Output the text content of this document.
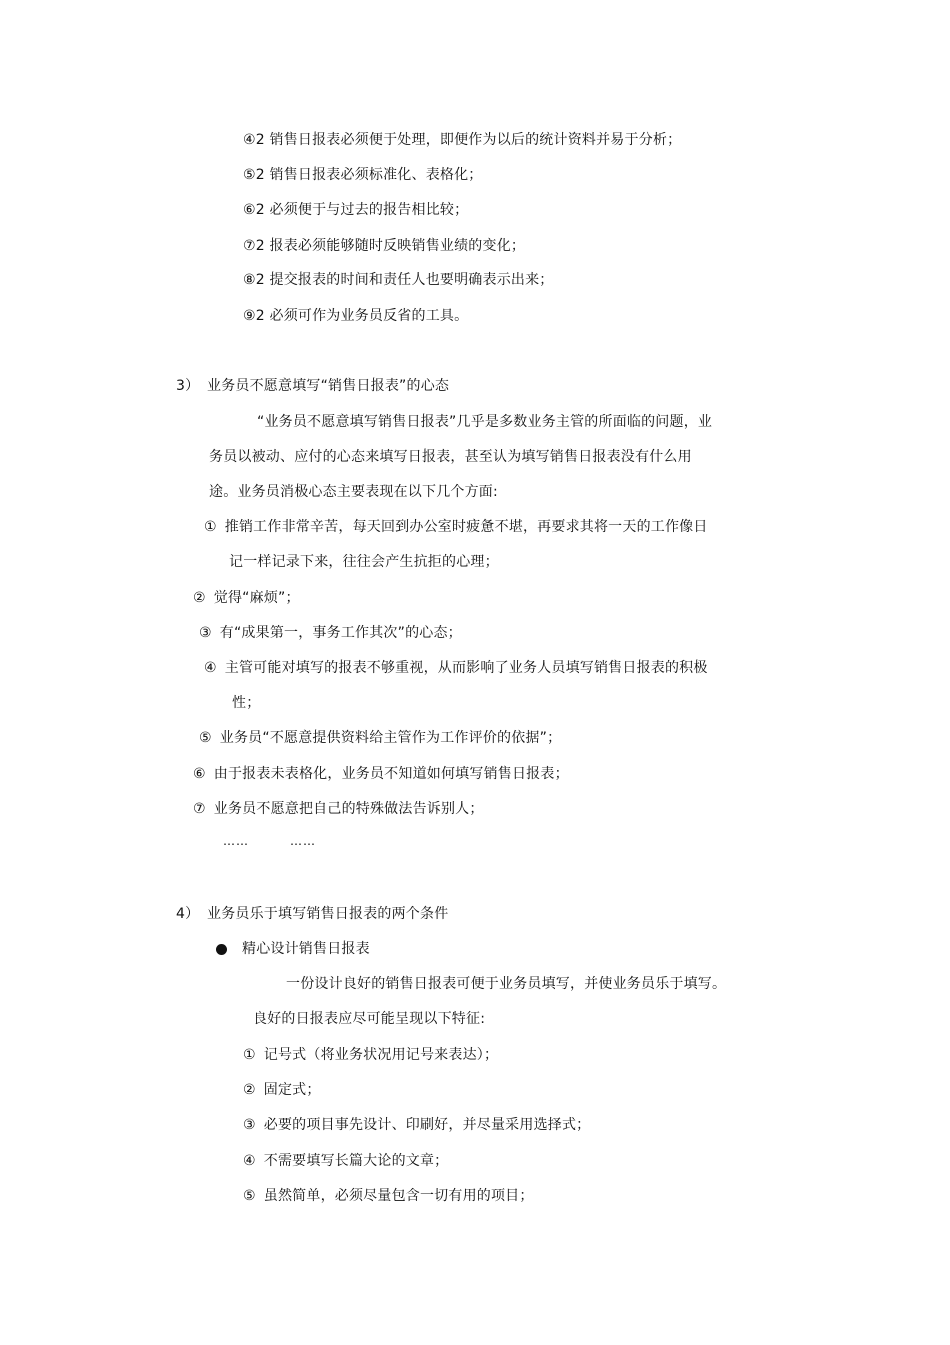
④2 销售日报表必须便于处理，即便作为以后的统计资料并易于分析；
⑤2 销售日报表必须标准化、表格化；
⑥2 必须便于与过去的报告相比较；
⑦2 报表必须能够随时反映销售业绩的变化；
⑧2 提交报表的时间和责任人也要明确表示出来；
⑨2 必须可作为业务员反省的工具。
3） 业务员不愿意填写“销售日报表”的心态
“业务员不愿意填写销售日报表”几乎是多数业务主管的所面临的问题，业
务员以被动、应付的心态来填写日报表，甚至认为填写销售日报表没有什么用
途。业务员消极心态主要表现在以下几个方面:
① 推销工作非常辛苦，每天回到办公室时疲惫不堪，再要求其将一天的工作像日
记一样记录下来，往往会产生抗拒的心理；
② 觉得“麻烦”；
③ 有“成果第一，事务工作其次”的心态；
④ 主管可能对填写的报表不够重视，从而影响了业务人员填写销售日报表的积极
性；
⑤ 业务员“不愿意提供资料给主管作为工作评价的依据”；
⑥ 由于报表未表格化，业务员不知道如何填写销售日报表；
⑦ 业务员不愿意把自己的特殊做法告诉别人；
……	……
4） 业务员乐于填写销售日报表的两个条件
精心设计销售日报表
一份设计良好的销售日报表可便于业务员填写，并使业务员乐于填写。
良好的日报表应尽可能呈现以下特征:
① 记号式（将业务状况用记号来表达）；
② 固定式；
③ 必要的项目事先设计、印刷好，并尽量采用选择式；
④ 不需要填写长篇大论的文章；
⑤ 虽然简单，必须尽量包含一切有用的项目；
